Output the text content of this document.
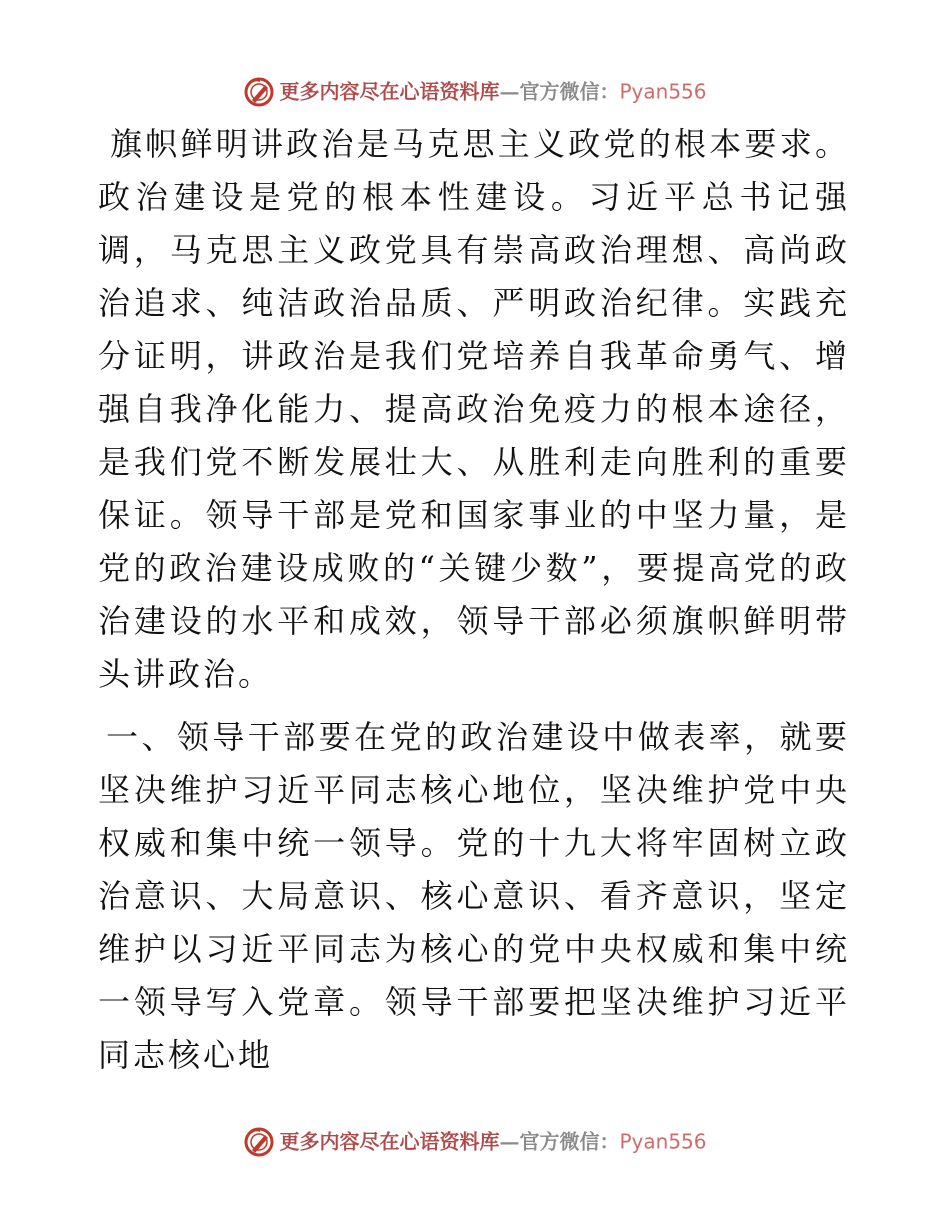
更多内容尽在心语资料库—官方微信：Pyan556

旗帜鲜明讲政治是马克思主义政党的根本要求。政治建设是党的根本性建设。习近平总书记强调，马克思主义政党具有崇高政治理想、高尚政治追求、纯洁政治品质、严明政治纪律。实践充分证明，讲政治是我们党培养自我革命勇气、增强自我净化能力、提高政治免疫力的根本途径，是我们党不断发展壮大、从胜利走向胜利的重要保证。领导干部是党和国家事业的中坚力量，是党的政治建设成败的“关键少数”，要提高党的政治建设的水平和成效，领导干部必须旗帜鲜明带头讲政治。

一、领导干部要在党的政治建设中做表率，就要坚决维护习近平同志核心地位，坚决维护党中央权威和集中统一领导。党的十九大将牢固树立政治意识、大局意识、核心意识、看齐意识，坚定维护以习近平同志为核心的党中央权威和集中统一领导写入党章。领导干部要把坚决维护习近平同志核心地

更多内容尽在心语资料库—官方微信：Pyan556
